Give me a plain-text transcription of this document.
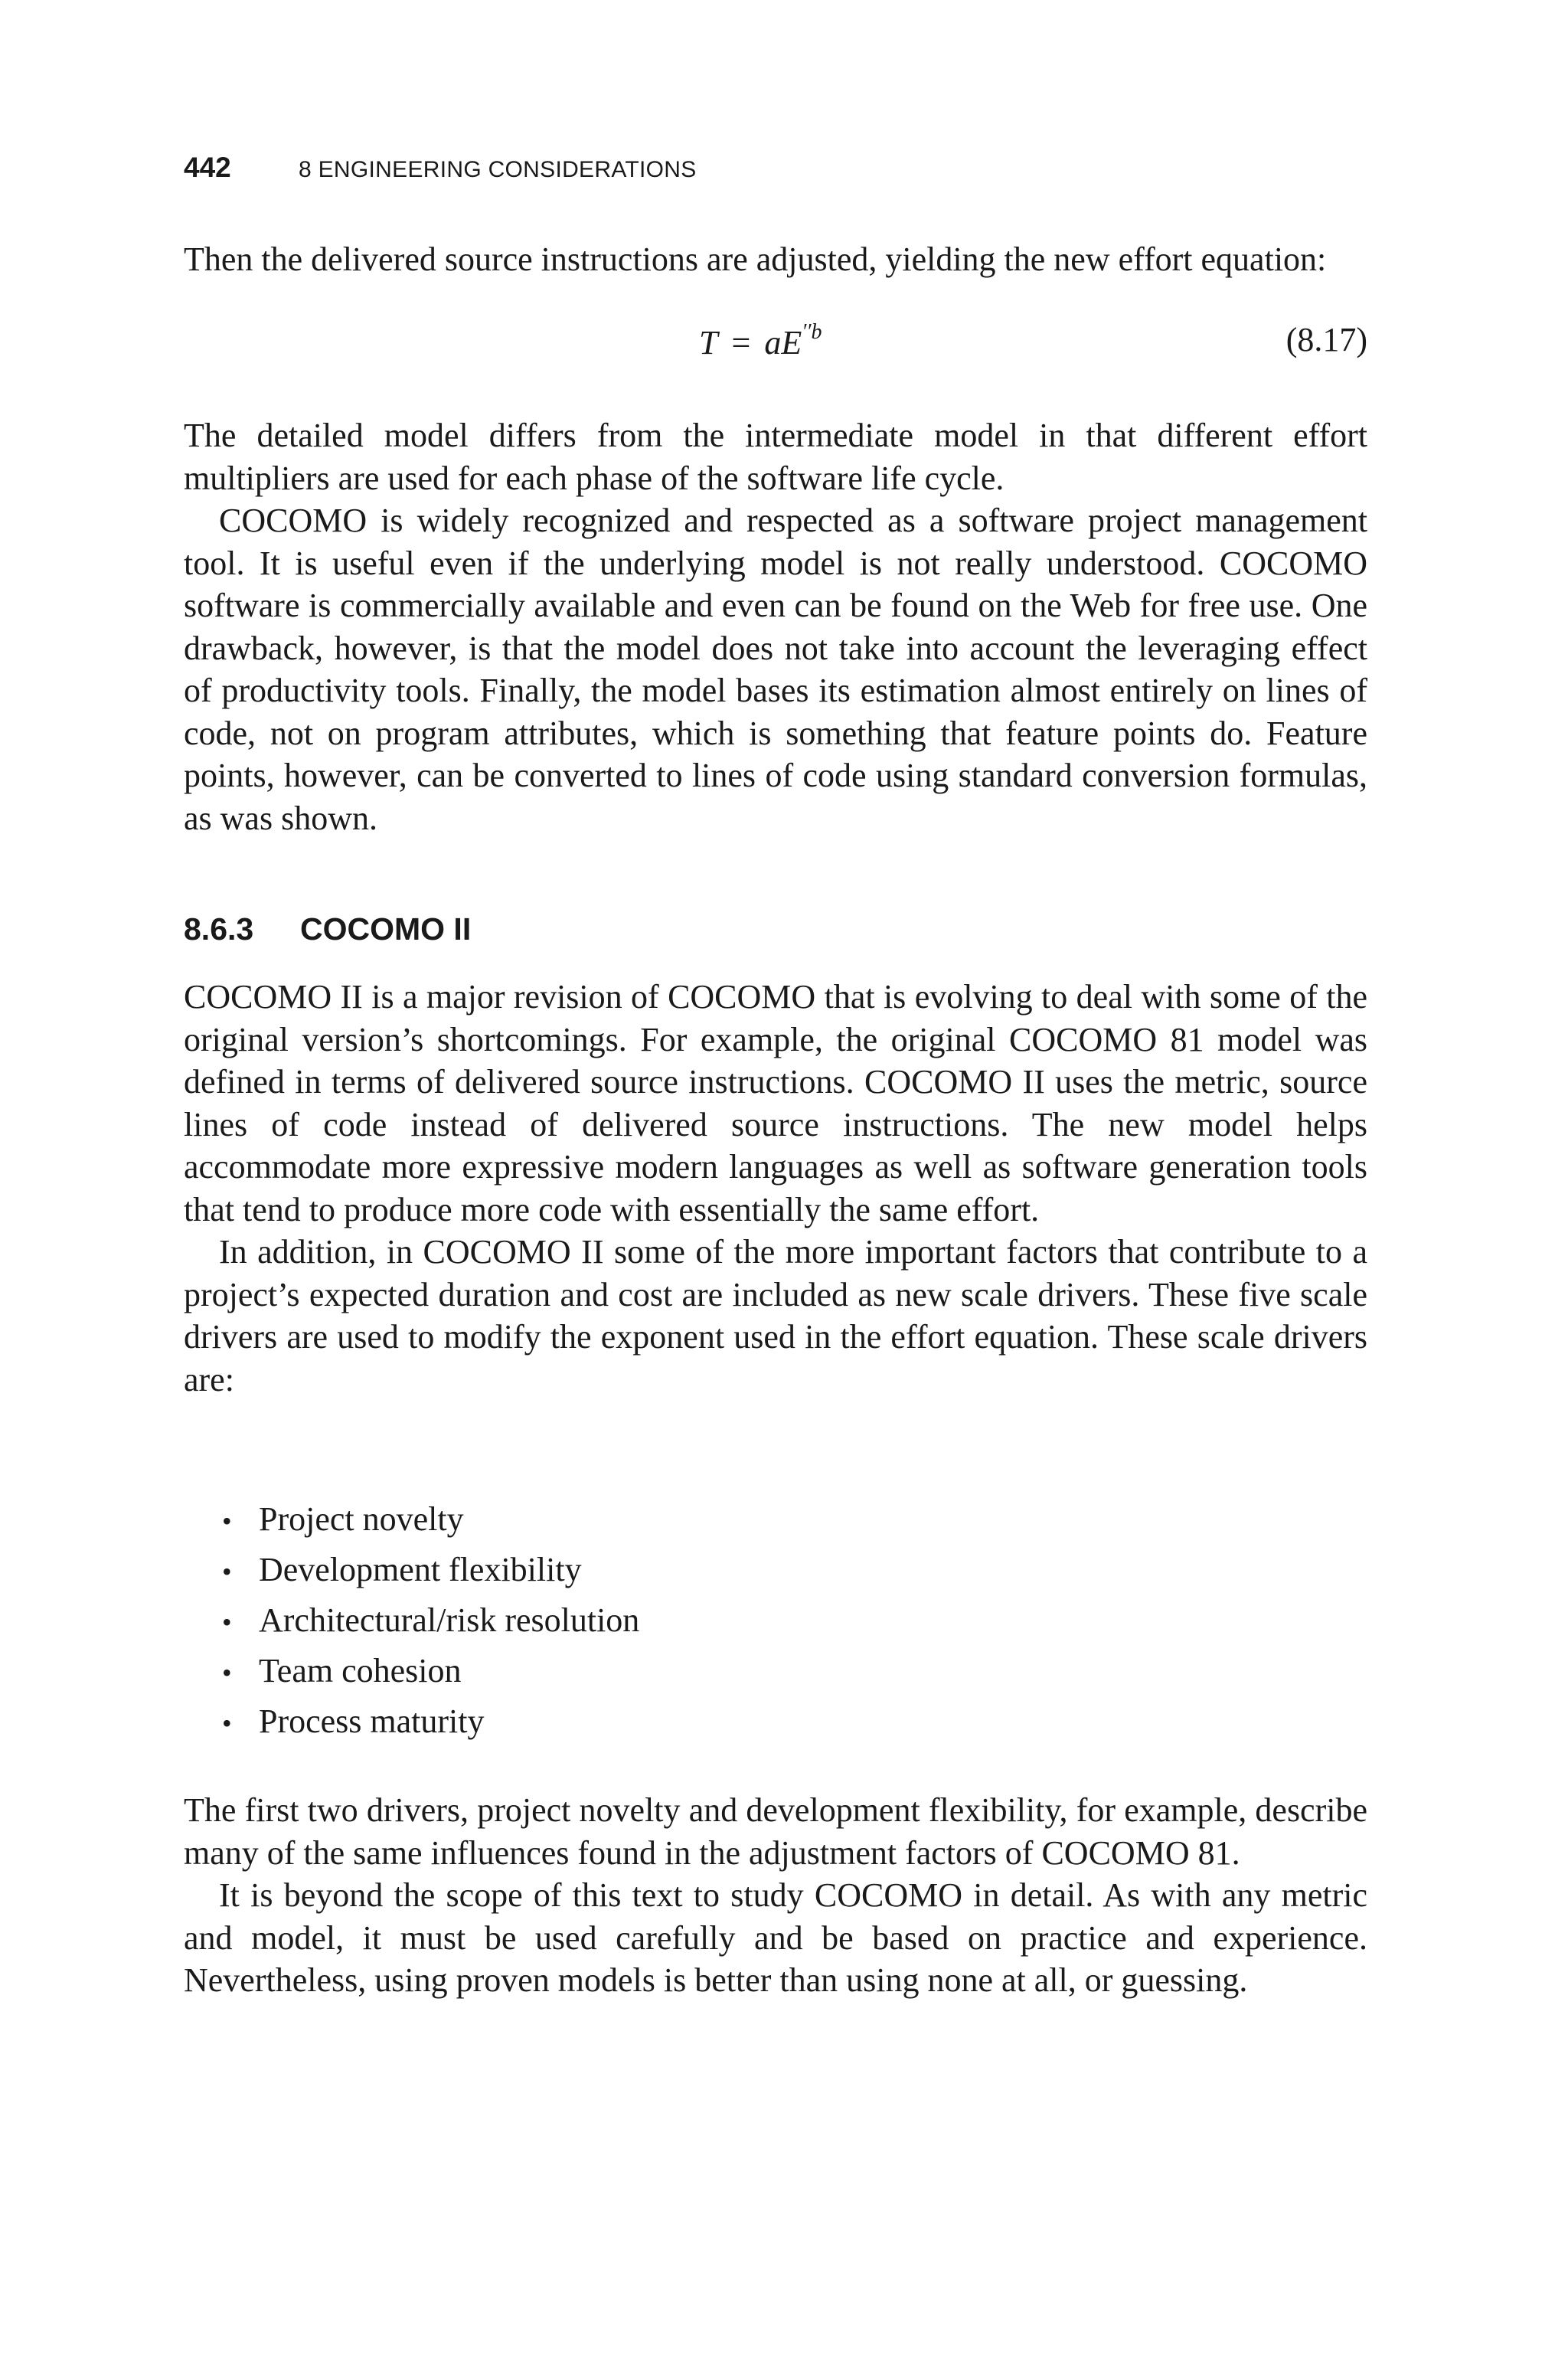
442	8 ENGINEERING CONSIDERATIONS

Then the delivered source instructions are adjusted, yielding the new effort equation:

$T = aE^{''b}$	(8.17)

The detailed model differs from the intermediate model in that different effort multipliers are used for each phase of the software life cycle.

COCOMO is widely recognized and respected as a software project management tool. It is useful even if the underlying model is not really understood. COCOMO software is commercially available and even can be found on the Web for free use. One drawback, however, is that the model does not take into account the leveraging effect of productivity tools. Finally, the model bases its estimation almost entirely on lines of code, not on program attributes, which is something that feature points do. Feature points, however, can be converted to lines of code using standard conversion formulas, as was shown.

8.6.3	COCOMO II

COCOMO II is a major revision of COCOMO that is evolving to deal with some of the original version’s shortcomings. For example, the original COCOMO 81 model was defined in terms of delivered source instructions. COCOMO II uses the metric, source lines of code instead of delivered source instructions. The new model helps accommodate more expressive modern languages as well as software generation tools that tend to produce more code with essentially the same effort.

In addition, in COCOMO II some of the more important factors that contribute to a project’s expected duration and cost are included as new scale drivers. These five scale drivers are used to modify the exponent used in the effort equation. These scale drivers are:

• Project novelty
• Development flexibility
• Architectural/risk resolution
• Team cohesion
• Process maturity

The first two drivers, project novelty and development flexibility, for example, describe many of the same influences found in the adjustment factors of COCOMO 81.

It is beyond the scope of this text to study COCOMO in detail. As with any metric and model, it must be used carefully and be based on practice and experience. Nevertheless, using proven models is better than using none at all, or guessing.
